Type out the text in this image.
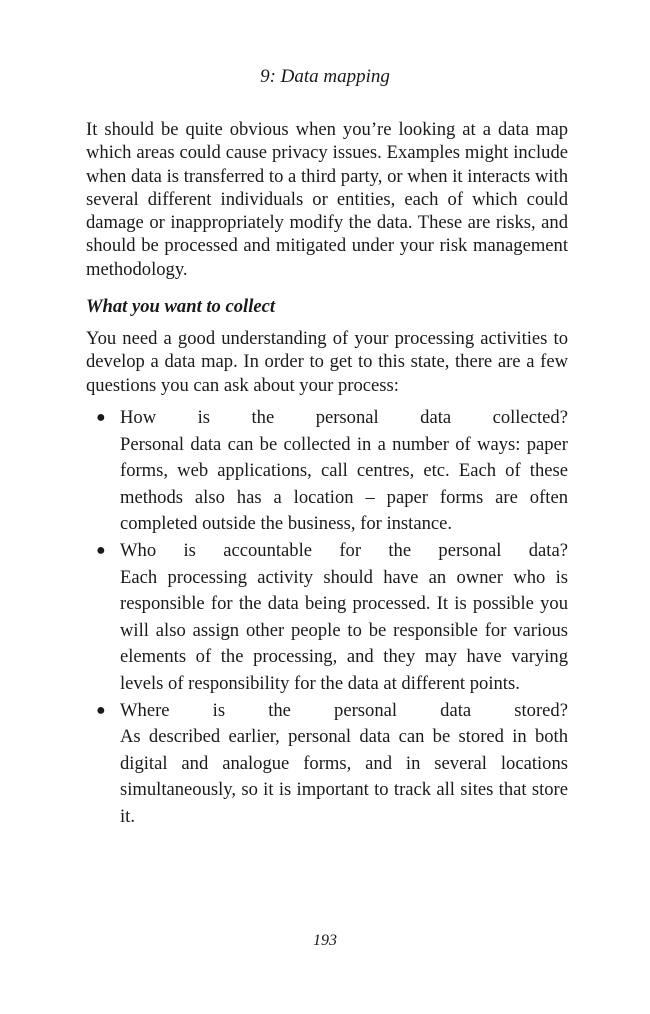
9: Data mapping

It should be quite obvious when you’re looking at a data map which areas could cause privacy issues. Examples might include when data is transferred to a third party, or when it interacts with several different individuals or entities, each of which could damage or inappropriately modify the data. These are risks, and should be processed and mitigated under your risk management methodology.

What you want to collect

You need a good understanding of your processing activities to develop a data map. In order to get to this state, there are a few questions you can ask about your process:

● How is the personal data collected?
Personal data can be collected in a number of ways: paper forms, web applications, call centres, etc. Each of these methods also has a location – paper forms are often completed outside the business, for instance.
● Who is accountable for the personal data?
Each processing activity should have an owner who is responsible for the data being processed. It is possible you will also assign other people to be responsible for various elements of the processing, and they may have varying levels of responsibility for the data at different points.
● Where is the personal data stored?
As described earlier, personal data can be stored in both digital and analogue forms, and in several locations simultaneously, so it is important to track all sites that store it.
193
